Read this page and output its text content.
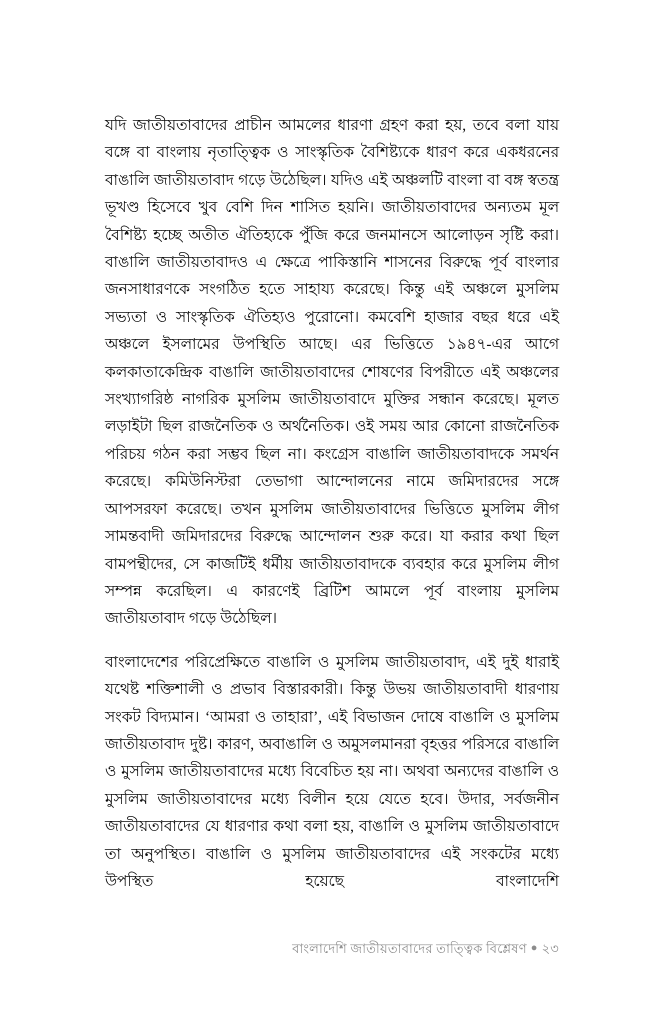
যদি জাতীয়তাবাদের প্রাচীন আমলের ধারণা গ্রহণ করা হয়, তবে বলা যায় বঙ্গে বা বাংলায় নৃতাত্ত্বিক ও সাংস্কৃতিক বৈশিষ্ট্যকে ধারণ করে একধরনের বাঙালি জাতীয়তাবাদ গড়ে উঠেছিল। যদিও এই অঞ্চলটি বাংলা বা বঙ্গ স্বতন্ত্র ভূখণ্ড হিসেবে খুব বেশি দিন শাসিত হয়নি। জাতীয়তাবাদের অন্যতম মূল বৈশিষ্ট্য হচ্ছে অতীত ঐতিহ্যকে পুঁজি করে জনমানসে আলোড়ন সৃষ্টি করা। বাঙালি জাতীয়তাবাদও এ ক্ষেত্রে পাকিস্তানি শাসনের বিরুদ্ধে পূর্ব বাংলার জনসাধারণকে সংগঠিত হতে সাহায্য করেছে। কিন্তু এই অঞ্চলে মুসলিম সভ্যতা ও সাংস্কৃতিক ঐতিহ্যও পুরোনো। কমবেশি হাজার বছর ধরে এই অঞ্চলে ইসলামের উপস্থিতি আছে। এর ভিত্তিতে ১৯৪৭-এর আগে কলকাতাকেন্দ্রিক বাঙালি জাতীয়তাবাদের শোষণের বিপরীতে এই অঞ্চলের সংখ্যাগরিষ্ঠ নাগরিক মুসলিম জাতীয়তাবাদে মুক্তির সন্ধান করেছে। মূলত লড়াইটা ছিল রাজনৈতিক ও অর্থনৈতিক। ওই সময় আর কোনো রাজনৈতিক পরিচয় গঠন করা সম্ভব ছিল না। কংগ্রেস বাঙালি জাতীয়তাবাদকে সমর্থন করেছে। কমিউনিস্টরা তেভাগা আন্দোলনের নামে জমিদারদের সঙ্গে আপসরফা করেছে। তখন মুসলিম জাতীয়তাবাদের ভিত্তিতে মুসলিম লীগ সামন্তবাদী জমিদারদের বিরুদ্ধে আন্দোলন শুরু করে। যা করার কথা ছিল বামপন্থীদের, সে কাজটিই ধর্মীয় জাতীয়তাবাদকে ব্যবহার করে মুসলিম লীগ সম্পন্ন করেছিল। এ কারণেই ব্রিটিশ আমলে পূর্ব বাংলায় মুসলিম জাতীয়তাবাদ গড়ে উঠেছিল।

বাংলাদেশের পরিপ্রেক্ষিতে বাঙালি ও মুসলিম জাতীয়তাবাদ, এই দুই ধারাই যথেষ্ট শক্তিশালী ও প্রভাব বিস্তারকারী। কিন্তু উভয় জাতীয়তাবাদী ধারণায় সংকট বিদ্যমান। ‘আমরা ও তাহারা’, এই বিভাজন দোষে বাঙালি ও মুসলিম জাতীয়তাবাদ দুষ্ট। কারণ, অবাঙালি ও অমুসলমানরা বৃহত্তর পরিসরে বাঙালি ও মুসলিম জাতীয়তাবাদের মধ্যে বিবেচিত হয় না। অথবা অন্যদের বাঙালি ও মুসলিম জাতীয়তাবাদের মধ্যে বিলীন হয়ে যেতে হবে। উদার, সর্বজনীন জাতীয়তাবাদের যে ধারণার কথা বলা হয়, বাঙালি ও মুসলিম জাতীয়তাবাদে তা অনুপস্থিত। বাঙালি ও মুসলিম জাতীয়তাবাদের এই সংকটের মধ্যে উপস্থিত হয়েছে বাংলাদেশি

বাংলাদেশি জাতীয়তাবাদের তাত্ত্বিক বিশ্লেষণ ● ২৩
